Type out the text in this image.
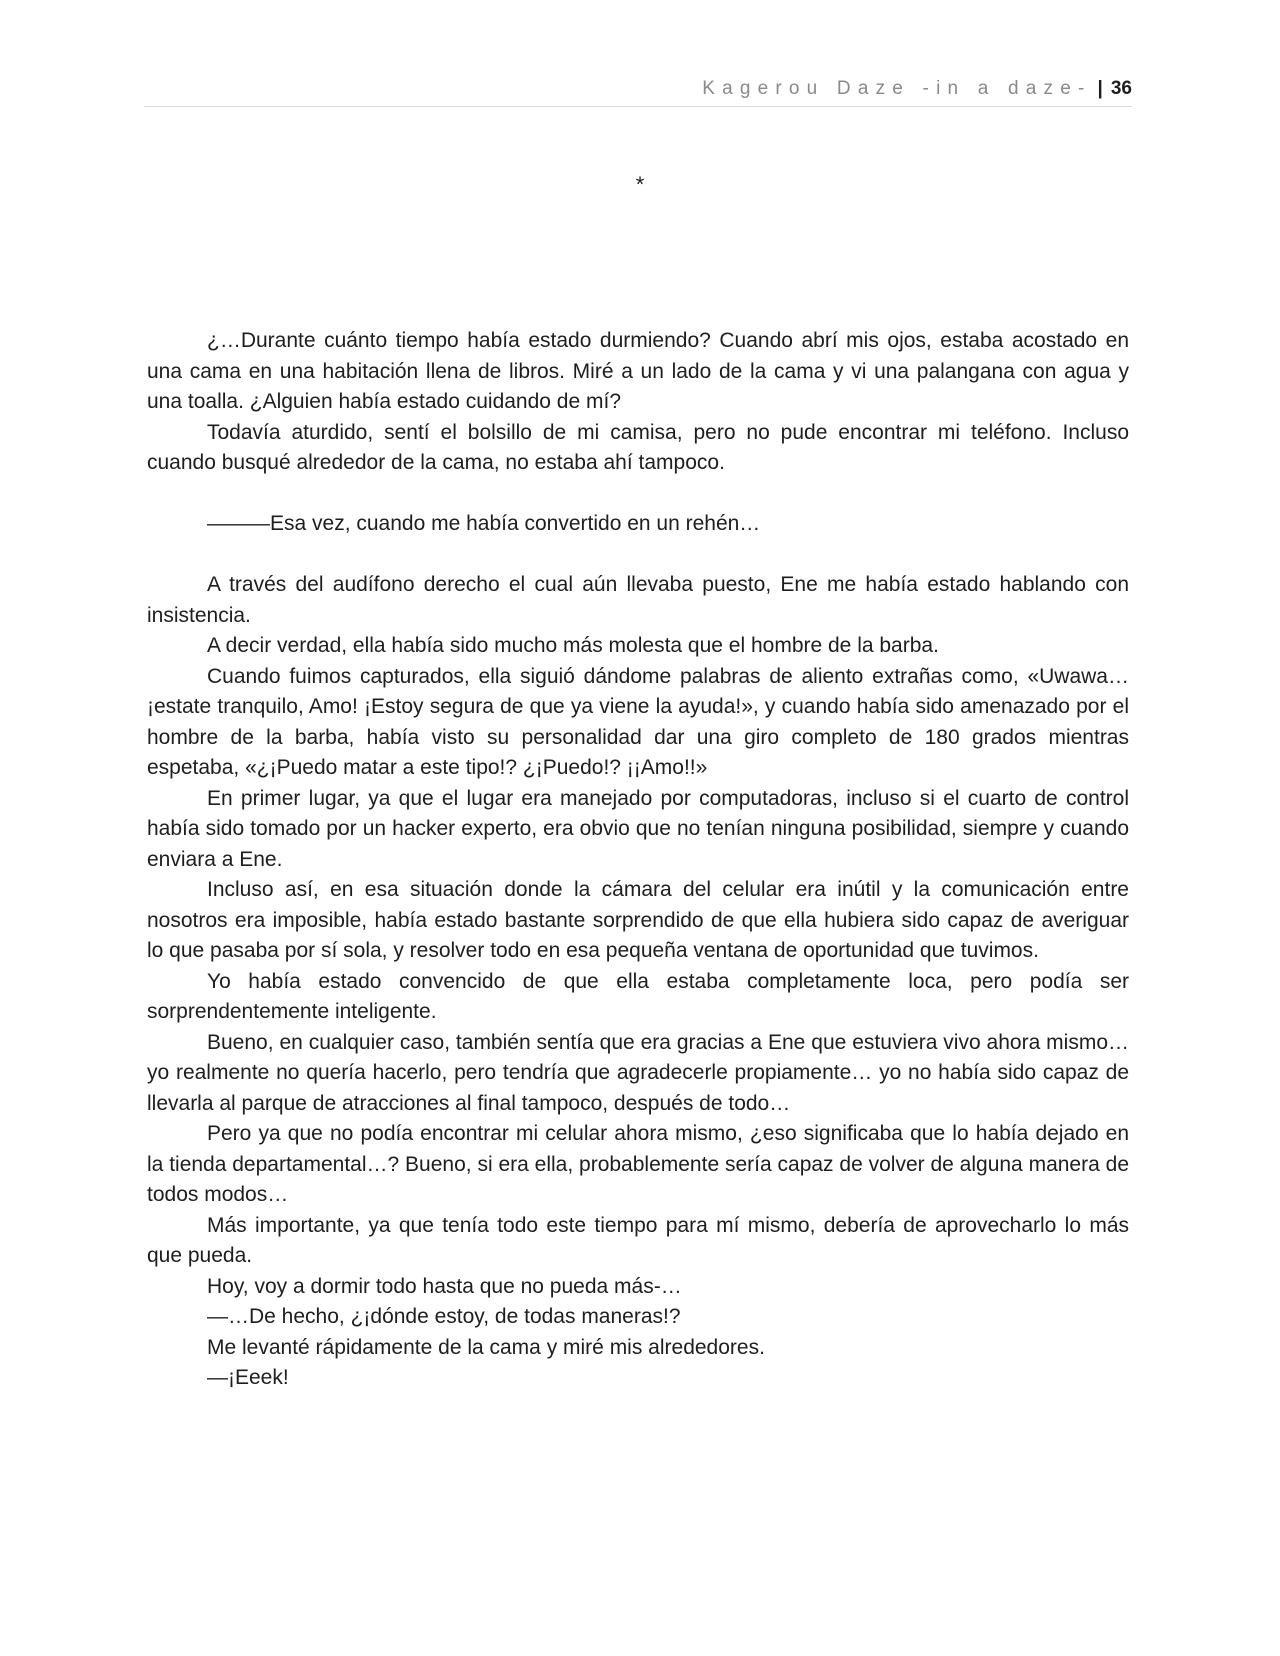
Kagerou Daze -in a daze- | 36
*

¿…Durante cuánto tiempo había estado durmiendo? Cuando abrí mis ojos, estaba acostado en una cama en una habitación llena de libros. Miré a un lado de la cama y vi una palangana con agua y una toalla. ¿Alguien había estado cuidando de mí?

Todavía aturdido, sentí el bolsillo de mi camisa, pero no pude encontrar mi teléfono. Incluso cuando busqué alrededor de la cama, no estaba ahí tampoco.

———Esa vez, cuando me había convertido en un rehén…

A través del audífono derecho el cual aún llevaba puesto, Ene me había estado hablando con insistencia.

A decir verdad, ella había sido mucho más molesta que el hombre de la barba.

Cuando fuimos capturados, ella siguió dándome palabras de aliento extrañas como, «Uwawa… ¡estate tranquilo, Amo! ¡Estoy segura de que ya viene la ayuda!», y cuando había sido amenazado por el hombre de la barba, había visto su personalidad dar una giro completo de 180 grados mientras espetaba, «¿¡Puedo matar a este tipo!? ¿¡Puedo!? ¡¡Amo!!»

En primer lugar, ya que el lugar era manejado por computadoras, incluso si el cuarto de control había sido tomado por un hacker experto, era obvio que no tenían ninguna posibilidad, siempre y cuando enviara a Ene.

Incluso así, en esa situación donde la cámara del celular era inútil y la comunicación entre nosotros era imposible, había estado bastante sorprendido de que ella hubiera sido capaz de averiguar lo que pasaba por sí sola, y resolver todo en esa pequeña ventana de oportunidad que tuvimos.

Yo había estado convencido de que ella estaba completamente loca, pero podía ser sorprendentemente inteligente.

Bueno, en cualquier caso, también sentía que era gracias a Ene que estuviera vivo ahora mismo… yo realmente no quería hacerlo, pero tendría que agradecerle propiamente… yo no había sido capaz de llevarla al parque de atracciones al final tampoco, después de todo…

Pero ya que no podía encontrar mi celular ahora mismo, ¿eso significaba que lo había dejado en la tienda departamental…? Bueno, si era ella, probablemente sería capaz de volver de alguna manera de todos modos…

Más importante, ya que tenía todo este tiempo para mí mismo, debería de aprovecharlo lo más que pueda.

Hoy, voy a dormir todo hasta que no pueda más-…

—…De hecho, ¿¡dónde estoy, de todas maneras!?

Me levanté rápidamente de la cama y miré mis alrededores.

—¡Eeek!
